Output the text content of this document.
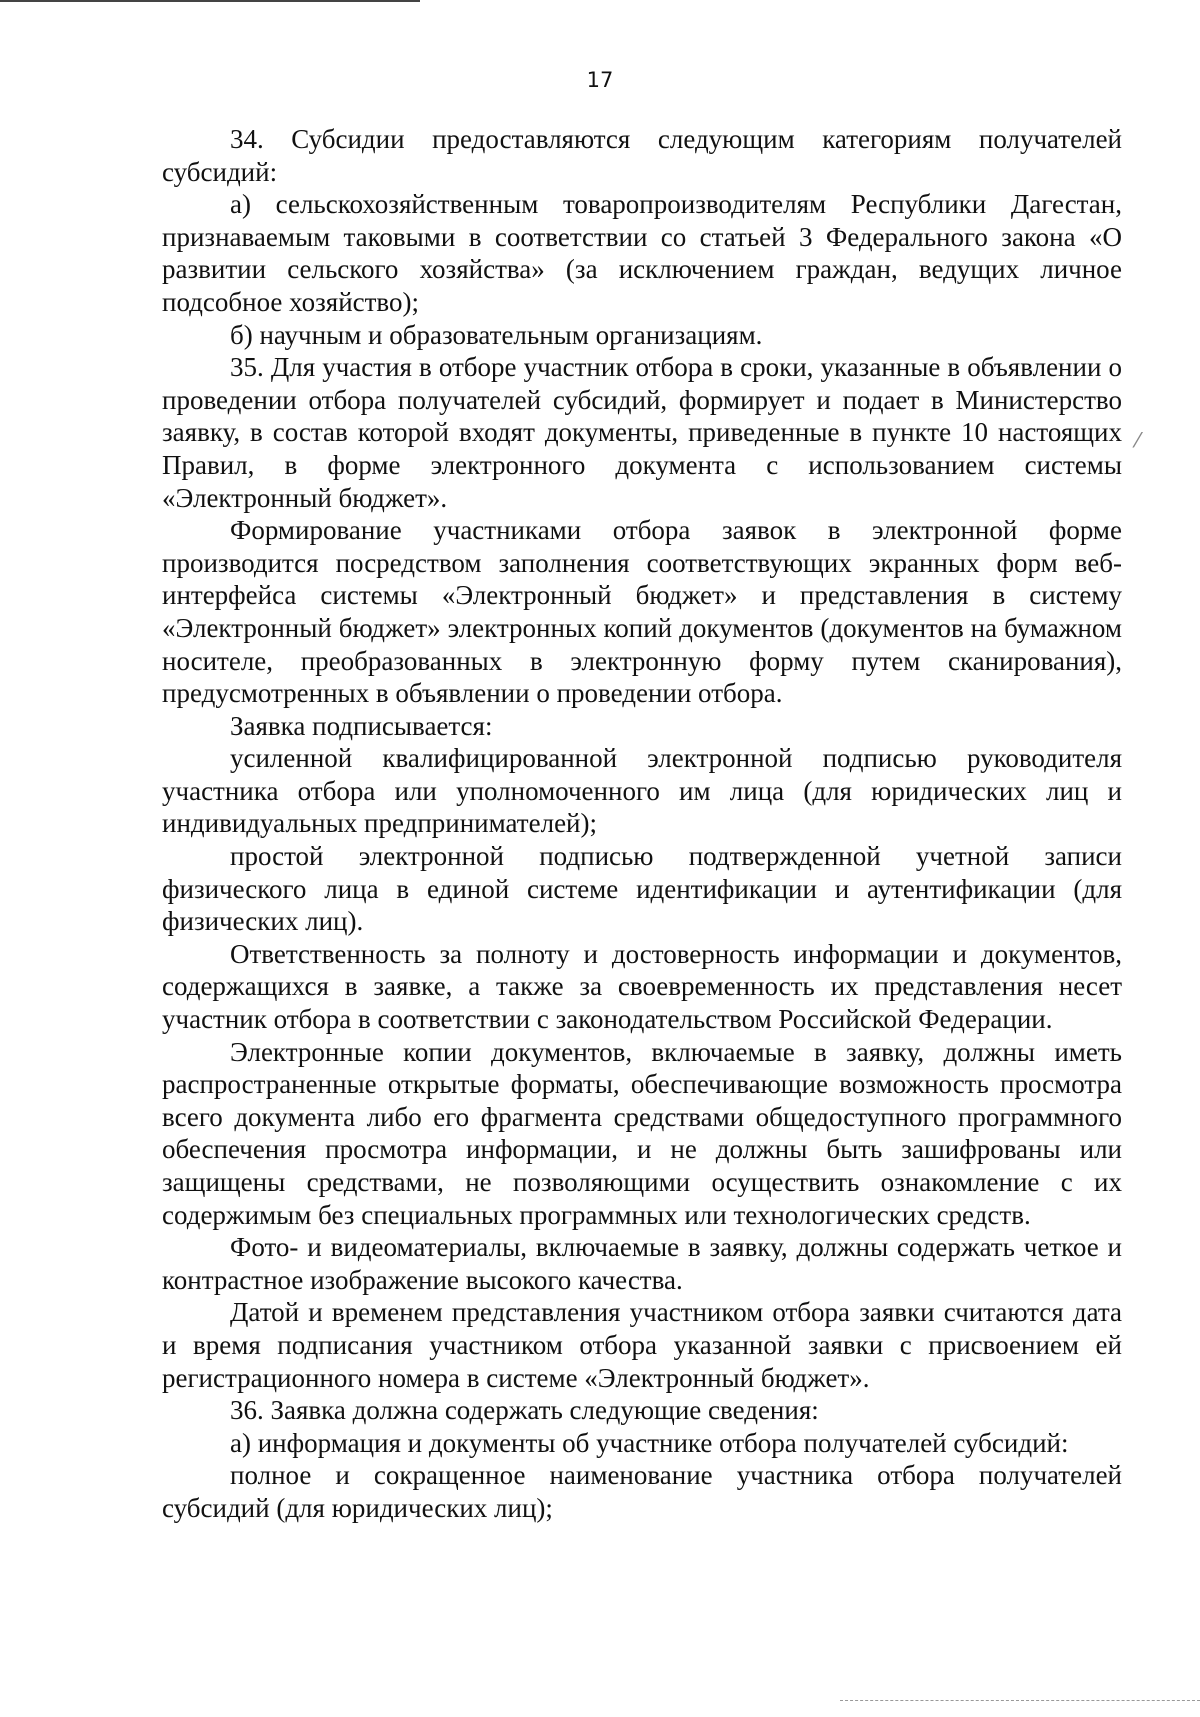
17

34. Субсидии предоставляются следующим категориям получателей субсидий:

а) сельскохозяйственным товаропроизводителям Республики Дагестан, признаваемым таковыми в соответствии со статьей 3 Федерального закона «О развитии сельского хозяйства» (за исключением граждан, ведущих личное подсобное хозяйство);

б) научным и образовательным организациям.

35. Для участия в отборе участник отбора в сроки, указанные в объявлении о проведении отбора получателей субсидий, формирует и подает в Министерство заявку, в состав которой входят документы, приведенные в пункте 10 настоящих Правил, в форме электронного документа с использованием системы «Электронный бюджет».

Формирование участниками отбора заявок в электронной форме производится посредством заполнения соответствующих экранных форм веб-интерфейса системы «Электронный бюджет» и представления в систему «Электронный бюджет» электронных копий документов (документов на бумажном носителе, преобразованных в электронную форму путем сканирования), предусмотренных в объявлении о проведении отбора.

Заявка подписывается:

усиленной квалифицированной электронной подписью руководителя участника отбора или уполномоченного им лица (для юридических лиц и индивидуальных предпринимателей);

простой электронной подписью подтвержденной учетной записи физического лица в единой системе идентификации и аутентификации (для физических лиц).

Ответственность за полноту и достоверность информации и документов, содержащихся в заявке, а также за своевременность их представления несет участник отбора в соответствии с законодательством Российской Федерации.

Электронные копии документов, включаемые в заявку, должны иметь распространенные открытые форматы, обеспечивающие возможность просмотра всего документа либо его фрагмента средствами общедоступного программного обеспечения просмотра информации, и не должны быть зашифрованы или защищены средствами, не позволяющими осуществить ознакомление с их содержимым без специальных программных или технологических средств.

Фото- и видеоматериалы, включаемые в заявку, должны содержать четкое и контрастное изображение высокого качества.

Датой и временем представления участником отбора заявки считаются дата и время подписания участником отбора указанной заявки с присвоением ей регистрационного номера в системе «Электронный бюджет».

36. Заявка должна содержать следующие сведения:

а) информация и документы об участнике отбора получателей субсидий:

полное и сокращенное наименование участника отбора получателей субсидий (для юридических лиц);

⁄
